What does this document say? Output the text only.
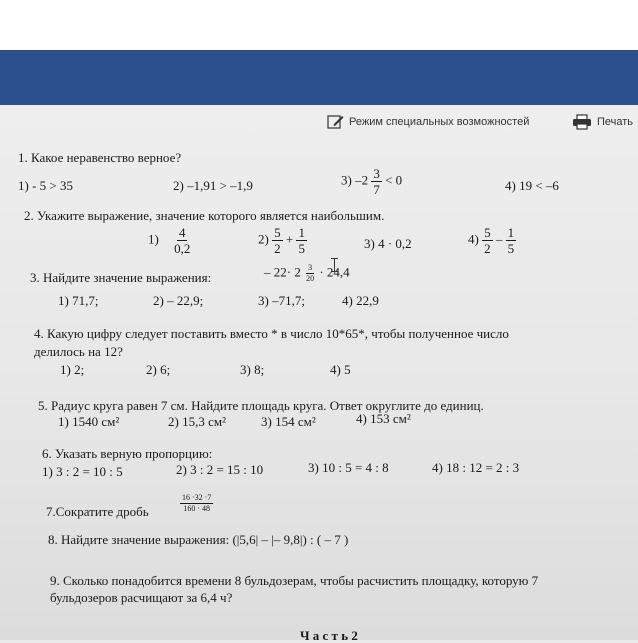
Режим специальных возможностей	Печать
1. Какое неравенство верное?
1) - 5 > 35	2) –1,91 > –1,9	3) $-2 \frac{3}{7} < 0$	4) 19 < –6
2. Укажите выражение, значение которого является наибольшим.
$1) \frac{4}{0,2}$	$2) \frac{5}{2} + \frac{1}{5}$	3) 4 · 0,2	$4) \frac{5}{2} - \frac{1}{5}$
3. Найдите значение выражения:	– $22\cdot 2 \frac{3}{20} \cdot 24,4$
1) 71,7;	2) – 22,9;	3) –71,7;	4) 22,9
4. Какую цифру следует поставить вместо * в число 10*65*, чтобы полученное число
делилось на 12?
1) 2;	2) 6;	3) 8;	4) 5
5. Радиус круга равен 7 см. Найдите площадь круга. Ответ округлите до единиц.
1) 1540 см²	2) 15,3 см²	3) 154 см²	4) 153 см²
6. Указать верную пропорцию:
1) 3 : 2 = 10 : 5	2) 3 : 2 = 15 : 10	3) 10 : 5 = 4 : 8	4) 18 : 12 = 2 : 3
7.Сократите дробь	$\frac{16 \cdot 32 \cdot 7}{160 \cdot 48}$
8. Найдите значение выражения: (|5,6| – |– 9,8|) : ( – 7 )
9. Сколько понадобится времени 8 бульдозерам, чтобы расчистить площадку, которую 7
бульдозеров расчищают за 6,4 ч?
Ч а с т ь 2
